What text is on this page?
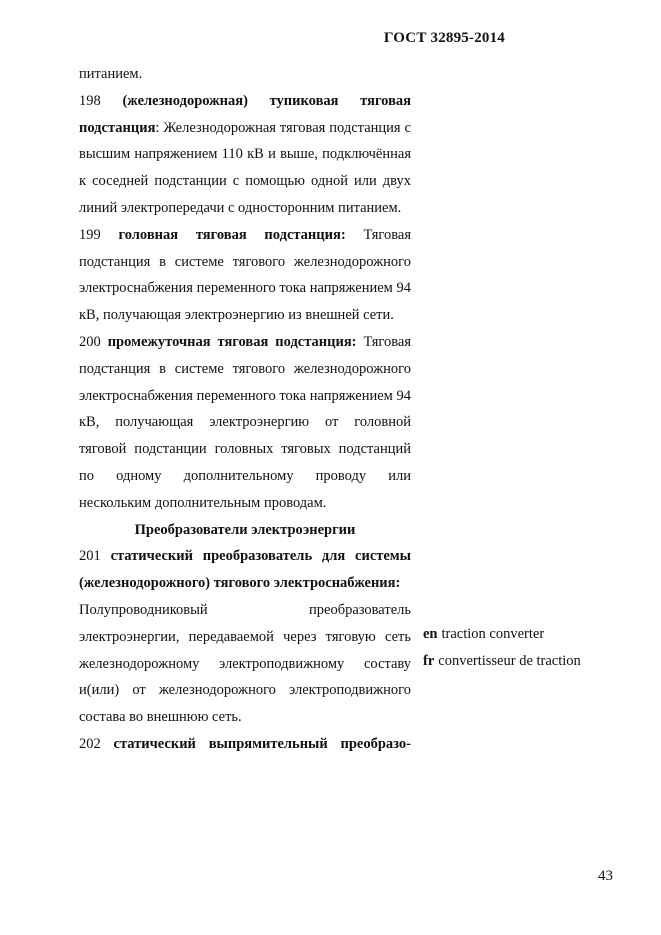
ГОСТ 32895-2014

питанием.

198 (железнодорожная) тупиковая тяговая подстанция: Железнодорожная тяговая подстанция с высшим напряжением 110 кВ и выше, подключённая к соседней подстанции с помощью одной или двух линий электропередачи с односторонним питанием.

199 головная тяговая подстанция: Тяговая подстанция в системе тягового железнодорожного электроснабжения переменного тока напряжением 94 кВ, получающая электроэнергию из внешней сети.

200 промежуточная тяговая подстанция: Тяговая подстанция в системе тягового железнодорожного электроснабжения переменного тока напряжением 94 кВ, получающая электроэнергию от головной тяговой подстанции головных тяговых подстанций по одному дополнительному проводу или нескольким дополнительным проводам.

Преобразователи электроэнергии

201 статический преобразователь для системы (железнодорожного) тягового электроснабжения:

Полупроводниковый преобразователь электроэнергии, передаваемой через тяговую сеть железнодорожному электроподвижному составу и(или) от железнодорожного электроподвижного состава во внешнюю сеть.

202 статический выпрямительный преобразо-

en traction converter
fr convertisseur de traction
43
